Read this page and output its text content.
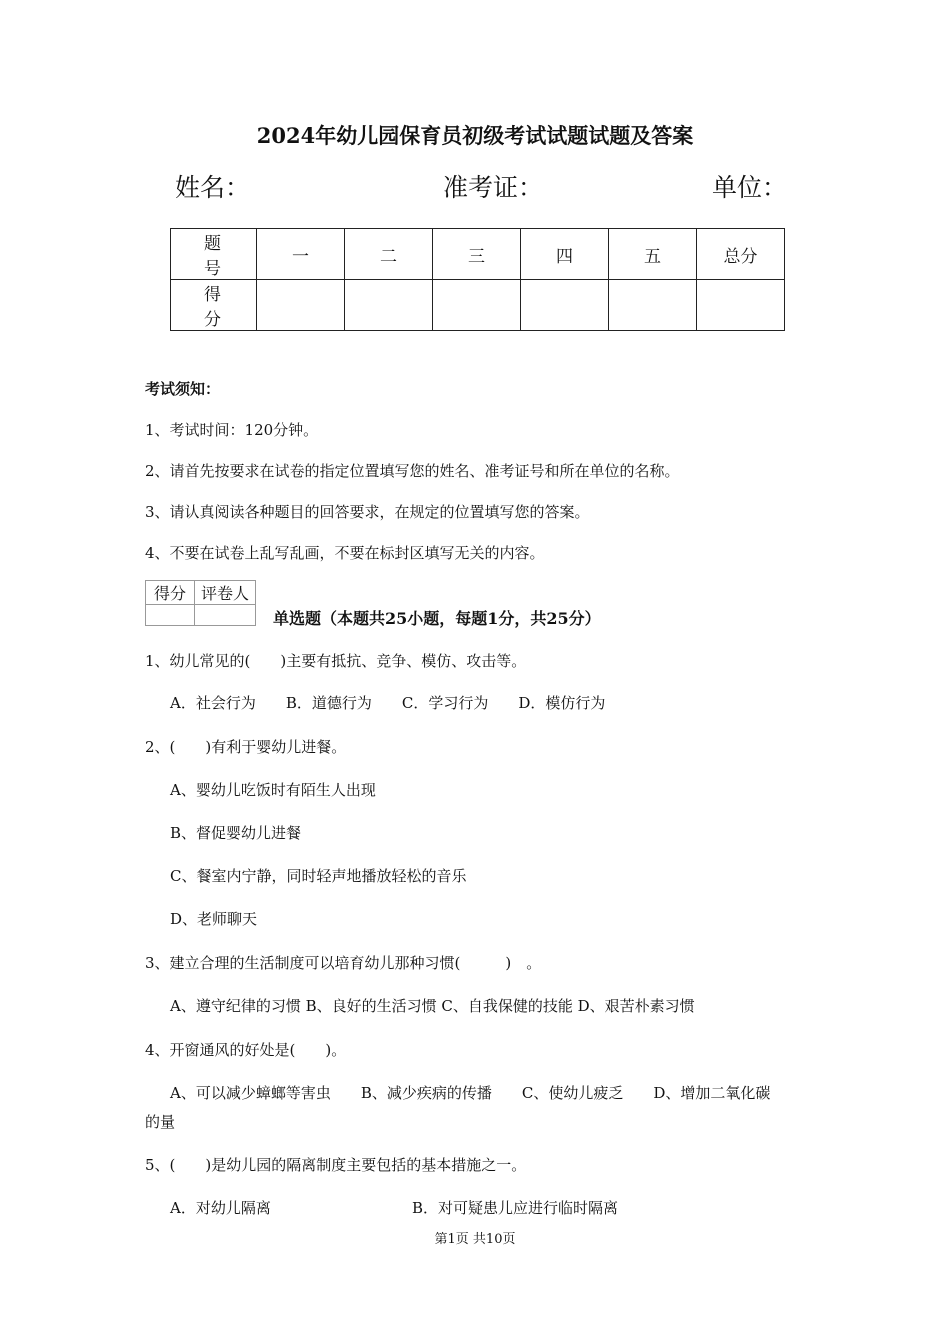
2024年幼儿园保育员初级考试试题试题及答案
姓名：	准考证：	单位：
题　号	一	二	三	四	五	总分
得　分						
考试须知：
1、考试时间：120分钟。
2、请首先按要求在试卷的指定位置填写您的姓名、准考证号和所在单位的名称。
3、请认真阅读各种题目的回答要求，在规定的位置填写您的答案。
4、不要在试卷上乱写乱画，不要在标封区填写无关的内容。
得分	评卷人

单选题（本题共25小题，每题1分，共25分）
1、幼儿常见的(　　)主要有抵抗、竞争、模仿、攻击等。
A．社会行为　　B．道德行为　　C．学习行为　　D．模仿行为
2、(　　)有利于婴幼儿进餐。
A、婴幼儿吃饭时有陌生人出现
B、督促婴幼儿进餐
C、餐室内宁静，同时轻声地播放轻松的音乐
D、老师聊天
3、建立合理的生活制度可以培育幼儿那种习惯(　　　)　。
A、遵守纪律的习惯 B、良好的生活习惯 C、自我保健的技能 D、艰苦朴素习惯
4、开窗通风的好处是(　　)。
A、可以减少蟑螂等害虫　　B、减少疾病的传播　　C、使幼儿疲乏　　D、增加二氧化碳
的量
5、(　　)是幼儿园的隔离制度主要包括的基本措施之一。
A．对幼儿隔离	B．对可疑患儿应进行临时隔离
第1页 共10页
